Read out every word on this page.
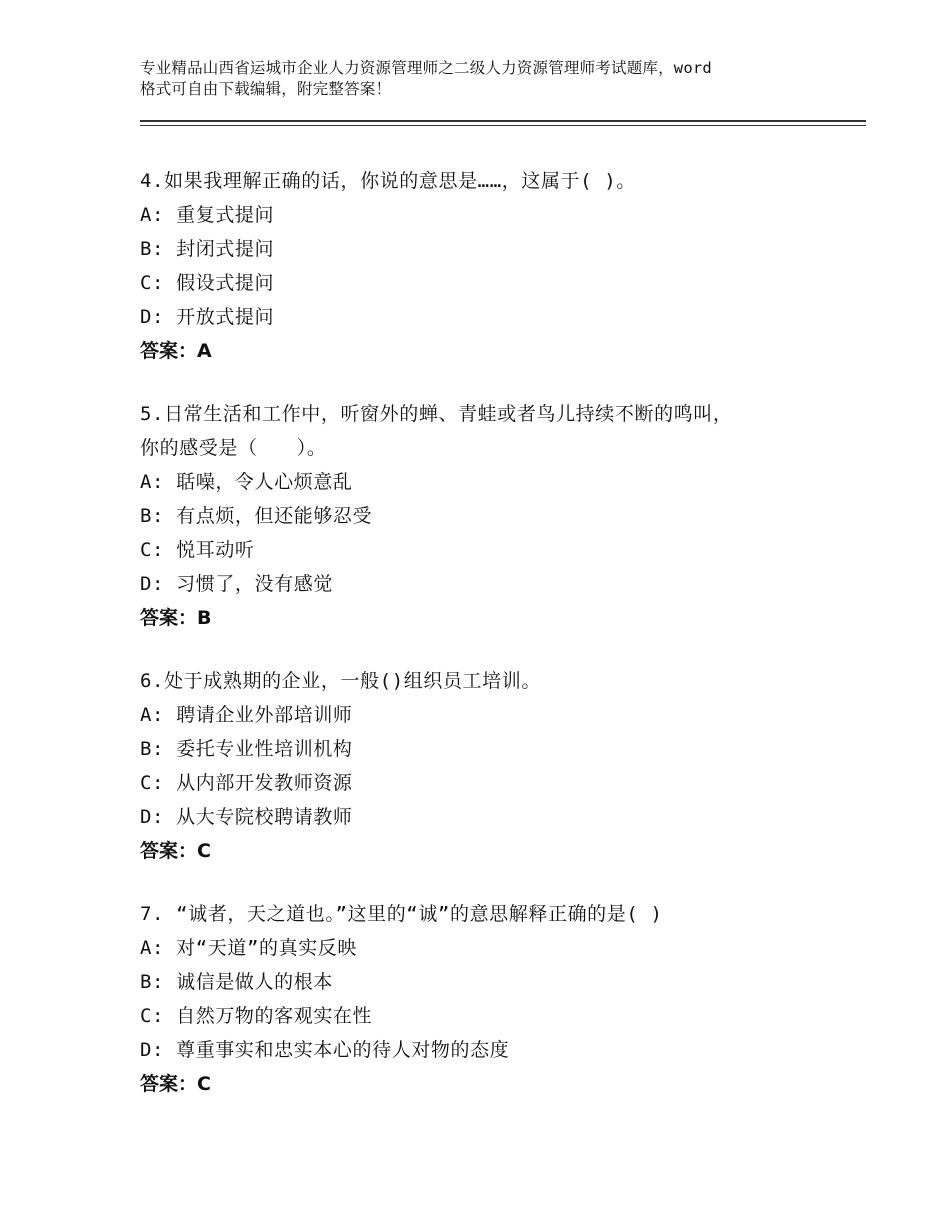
专业精品山西省运城市企业人力资源管理师之二级人力资源管理师考试题库，word
格式可自由下载编辑，附完整答案！
4.如果我理解正确的话，你说的意思是……，这属于( )。
A: 重复式提问
B: 封闭式提问
C: 假设式提问
D: 开放式提问
答案：A
5.日常生活和工作中，听窗外的蝉、青蛙或者鸟儿持续不断的鸣叫，
你的感受是（　　）。
A: 聒噪，令人心烦意乱
B: 有点烦，但还能够忍受
C: 悦耳动听
D: 习惯了，没有感觉
答案：B
6.处于成熟期的企业，一般()组织员工培训。
A: 聘请企业外部培训师
B: 委托专业性培训机构
C: 从内部开发教师资源
D: 从大专院校聘请教师
答案：C
7. “诚者，天之道也。”这里的“诚”的意思解释正确的是( )
A: 对“天道”的真实反映
B: 诚信是做人的根本
C: 自然万物的客观实在性
D: 尊重事实和忠实本心的待人对物的态度
答案：C
